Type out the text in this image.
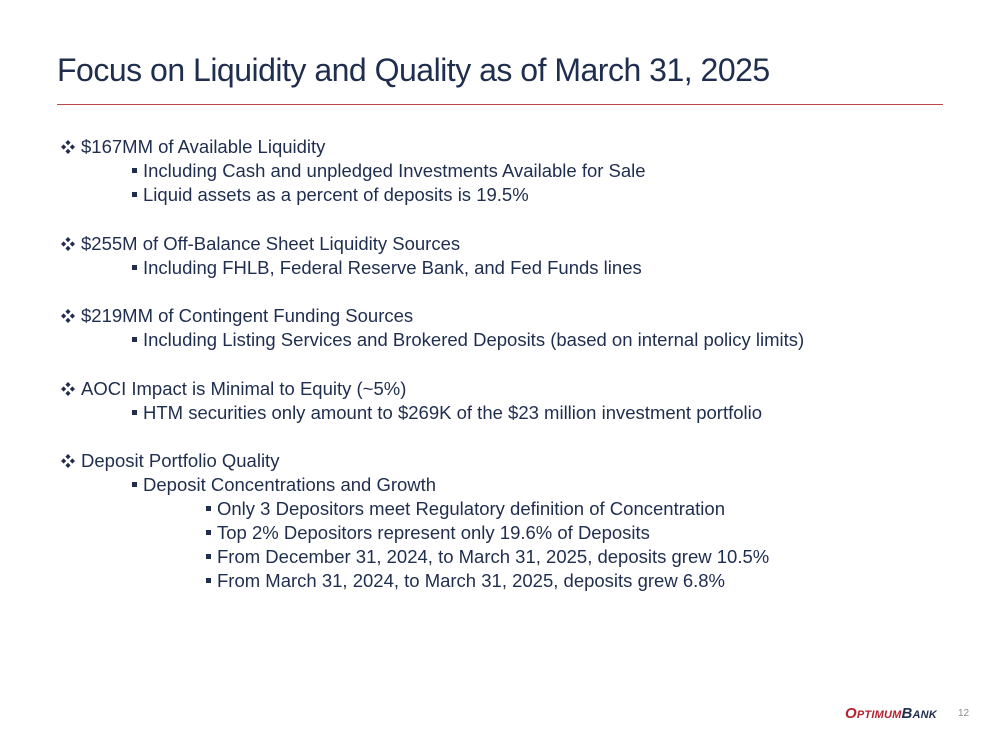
Focus on Liquidity and Quality as of March 31, 2025
$167MM of Available Liquidity
Including Cash and unpledged Investments Available for Sale
Liquid assets as a percent of deposits is 19.5%
$255M of Off-Balance Sheet Liquidity Sources
Including FHLB, Federal Reserve Bank, and Fed Funds lines
$219MM of Contingent Funding Sources
Including Listing Services and Brokered Deposits (based on internal policy limits)
AOCI Impact is Minimal to Equity (~5%)
HTM securities only amount to $269K of the $23 million investment portfolio
Deposit Portfolio Quality
Deposit Concentrations and Growth
Only 3 Depositors meet Regulatory definition of Concentration
Top 2% Depositors represent only 19.6% of Deposits
From December 31, 2024, to March 31, 2025, deposits grew 10.5%
From March 31, 2024, to March 31, 2025, deposits grew 6.8%
OPTIMUMBANK 12
